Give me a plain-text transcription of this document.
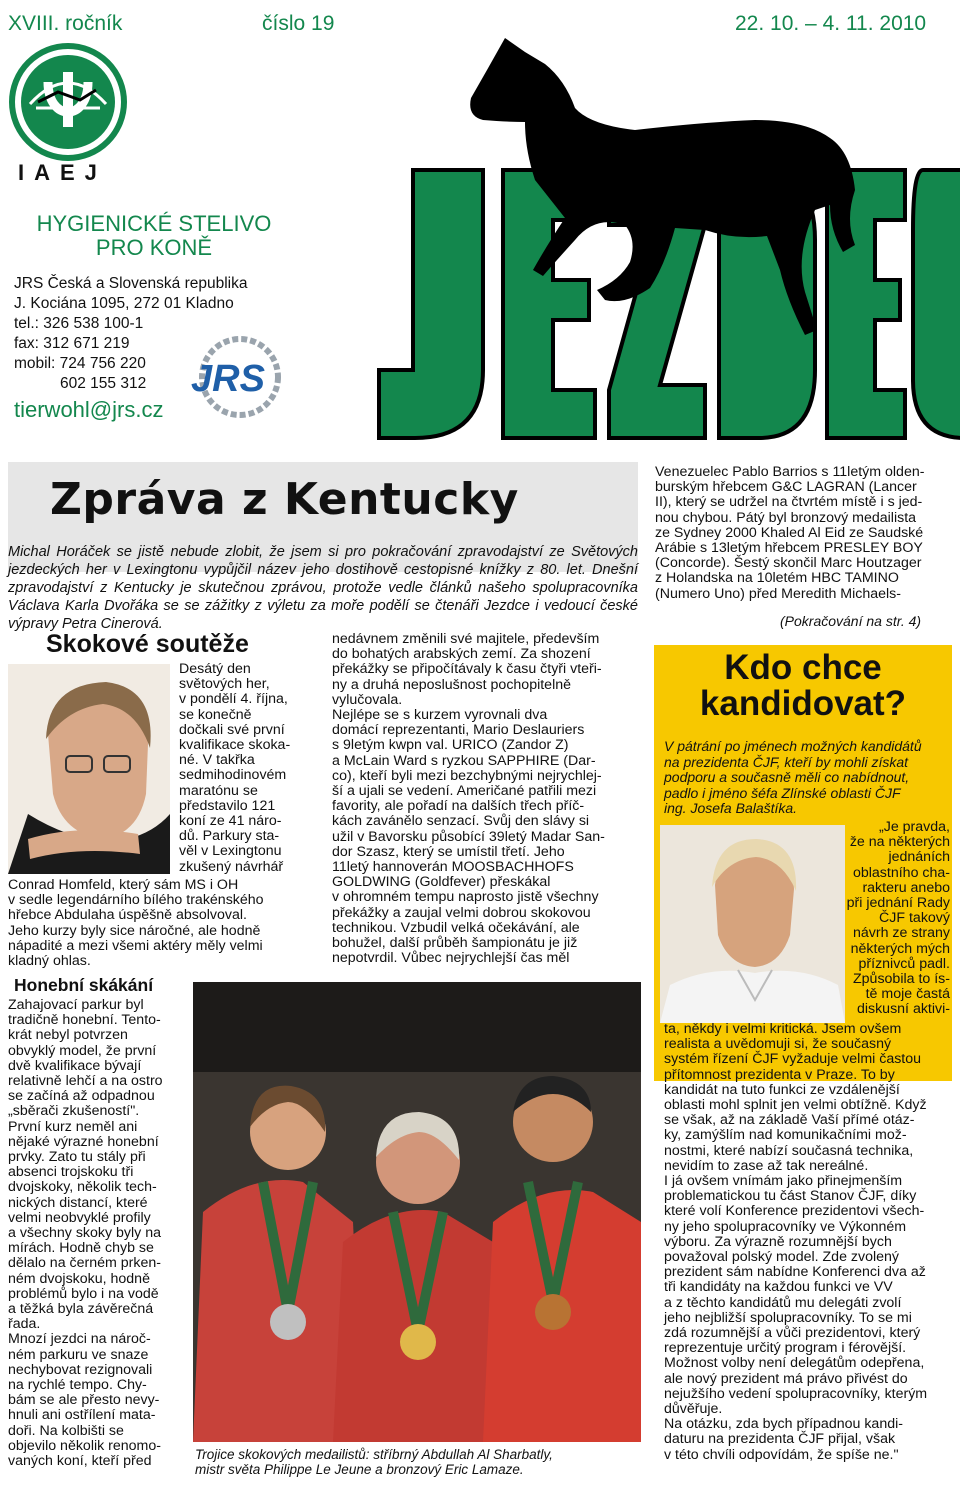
XVIII. ročník	číslo 19	22. 10. – 4. 11. 2010
IAEJ
HYGIENICKÉ STELIVO
PRO KONĚ
JRS Česká a Slovenská republika
J. Kociána 1095, 272 01 Kladno
tel.: 326 538 100-1
fax: 312 671 219
mobil: 724 756 220
602 155 312
tierwohl@jrs.cz
JRS
Zpráva z Kentucky
Michal Horáček se jistě nebude zlobit, že jsem si pro pokračování zpravodajství ze Světových jezdeckých her v Lexingtonu vypůjčil název jeho dostihově cestopisné knížky z 80. let. Dnešní zpravodajství z Kentucky je skutečnou zprávou, protože vedle článků našeho spolupracovníka Václava Karla Dvořáka se se zážitky z výletu za moře podělí se čtenáři Jezdce i vedoucí české výpravy Petra Cinerová.
Skokové soutěže
Desátý den
světových her,
v pondělí 4. října,
se konečně
dočkali své první
kvalifikace skoka-
né. V takřka
sedmihodinovém
maratónu se
představilo 121
koní ze 41 náro-
dů. Parkury sta-
věl v Lexingtonu
zkušený návrhář
Conrad Homfeld, který sám MS i OH
v sedle legendárního bílého trakénského
hřebce Abdulaha úspěšně absolvoval.
Jeho kurzy byly sice náročné, ale hodně
nápadité a mezi všemi aktéry měly velmi
kladný ohlas.
Honební skákání
Zahajovací parkur byl
tradičně honební. Tento-
krát nebyl potvrzen
obvyklý model, že první
dvě kvalifikace bývají
relativně lehčí a na ostro
se začíná až odpadnou
„sběrači zkušeností".
První kurz neměl ani
nějaké výrazné honební
prvky. Zato tu stály při
absenci trojskoku tři
dvojskoky, několik tech-
nických distancí, které
velmi neobvyklé profily
a všechny skoky byly na
mírách. Hodně chyb se
dělalo na černém prken-
ném dvojskoku, hodně
problémů bylo i na vodě
a těžká byla závěrečná
řada.
Mnozí jezdci na nároč-
ném parkuru ve snaze
nechybovat rezignovali
na rychlé tempo. Chy-
bám se ale přesto nevy-
hnuli ani ostřílení mata-
doři. Na kolbišti se
objevilo několik renomo-
vaných koní, kteří před
nedávnem změnili své majitele, především
do bohatých arabských zemí. Za shození
překážky se připočítávaly k času čtyři vteři-
ny a druhá neposlušnost pochopitelně
vylučovala.
Nejlépe se s kurzem vyrovnali dva
domácí reprezentanti, Mario Deslauriers
s 9letým kwpn val. URICO (Zandor Z)
a McLain Ward s ryzkou SAPPHIRE (Dar-
co), kteří byli mezi bezchybnými nejrychlej-
ší a ujali se vedení. Američané patřili mezi
favority, ale pořadí na dalších třech příč-
kách zavánělo senzací. Svůj den slávy si
užil v Bavorsku působící 39letý Madar San-
dor Szasz, který se umístil třetí. Jeho
11letý hannoverán MOOSBACHHOFS
GOLDWING (Goldfever) přeskákal
v ohromném tempu naprosto jistě všechny
překážky a zaujal velmi dobrou skokovou
technikou. Vzbudil velká očekávání, ale
bohužel, další průběh šampionátu je již
nepotvrdil. Vůbec nejrychlejší čas měl
Venezuelec Pablo Barrios s 11letým olden-
burským hřebcem G&C LAGRAN (Lancer
II), který se udržel na čtvrtém místě i s jed-
nou chybou. Pátý byl bronzový medailista
ze Sydney 2000 Khaled Al Eid ze Saudské
Arábie s 13letým hřebcem PRESLEY BOY
(Concorde). Šestý skončil Marc Houtzager
z Holandska na 10letém HBC TAMINO
(Numero Uno) před Meredith Michaels-
(Pokračování na str. 4)
Kdo chce kandidovat?
V pátrání po jménech možných kandidátů
na prezidenta ČJF, kteří by mohli získat
podporu a současně měli co nabídnout,
padlo i jméno šéfa Zlínské oblasti ČJF
ing. Josefa Balaštíka.
„Je pravda,
že na některých
jednáních
oblastního cha-
rakteru anebo
při jednání Rady
ČJF takový
návrh ze strany
některých mých
příznivců padl.
Způsobila to ís-
tě moje častá
diskusní aktivi-
ta, někdy i velmi kritická. Jsem ovšem
realista a uvědomuji si, že současný
systém řízení ČJF vyžaduje velmi častou
přítomnost prezidenta v Praze. To by
kandidát na tuto funkci ze vzdálenější
oblasti mohl splnit jen velmi obtížně. Když
se však, až na základě Vaší přímé otáz-
ky, zamýšlím nad komunikačními mož-
nostmi, které nabízí současná technika,
nevidím to zase až tak nereálné.
I já ovšem vnímám jako přinejmenším
problematickou tu část Stanov ČJF, díky
které volí Konference prezidentovi všech-
ny jeho spolupracovníky ve Výkonném
výboru. Za výrazně rozumnější bych
považoval polský model. Zde zvolený
prezident sám nabídne Konferenci dva až
tři kandidáty na každou funkci ve VV
a z těchto kandidátů mu delegáti zvolí
jeho nejbližší spolupracovníky. To se mi
zdá rozumnější a vůči prezidentovi, který
reprezentuje určitý program i férovější.
Možnost volby není delegátům odepřena,
ale nový prezident má právo přivést do
nejužšího vedení spolupracovníky, kterým
důvěřuje.
Na otázku, zda bych případnou kandi-
daturu na prezidenta ČJF přijal, však
v této chvíli odpovídám, že spíše ne."
Trojice skokových medailistů: stříbrný Abdullah Al Sharbatly,
mistr světa Philippe Le Jeune a bronzový Eric Lamaze.
